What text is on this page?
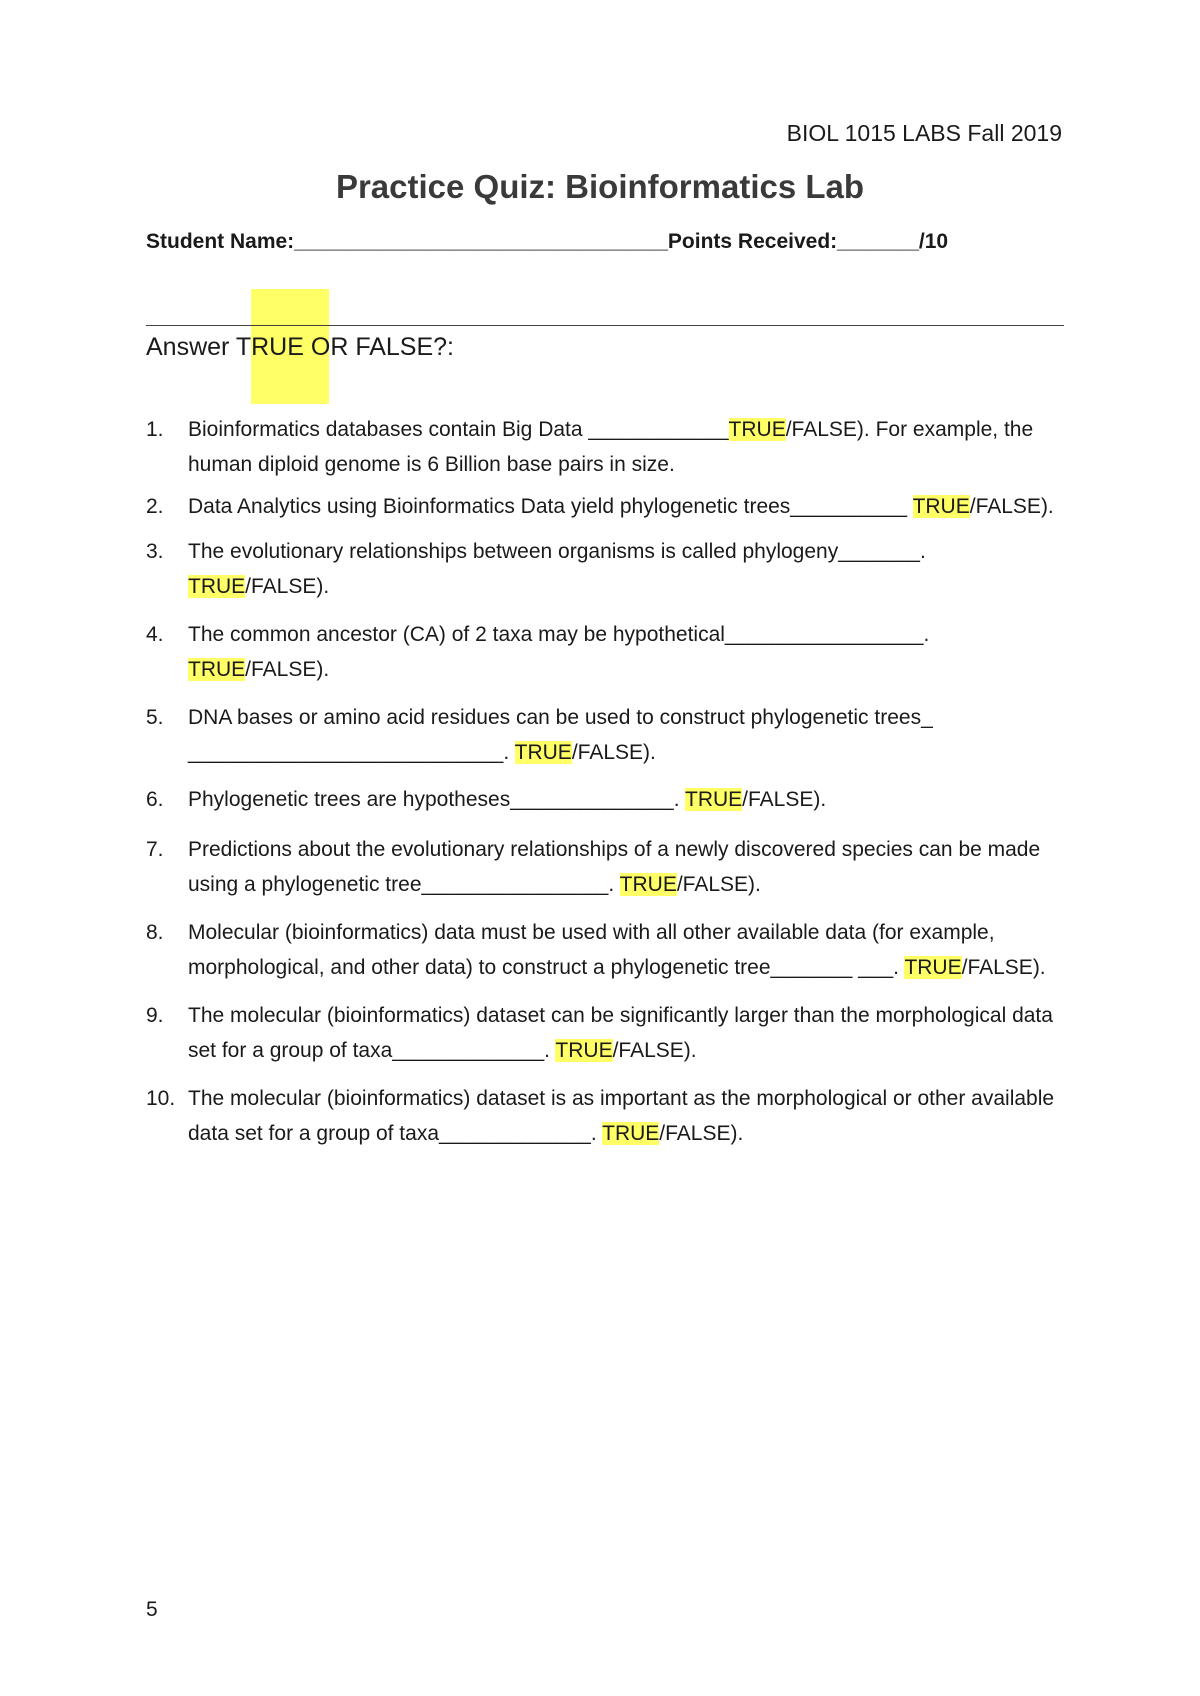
BIOL 1015 LABS Fall 2019
Practice Quiz: Bioinformatics Lab
Student Name:________________________________Points Received:_______/10
Answer TRUE OR FALSE?:
1. Bioinformatics databases contain Big Data ____________TRUE/FALSE). For example, the human diploid genome is 6 Billion base pairs in size.
2. Data Analytics using Bioinformatics Data yield phylogenetic trees__________ TRUE/FALSE).
3. The evolutionary relationships between organisms is called phylogeny_______. TRUE/FALSE).
4. The common ancestor (CA) of 2 taxa may be hypothetical_________________. TRUE/FALSE).
5. DNA bases or amino acid residues can be used to construct phylogenetic trees_ ___________________________. TRUE/FALSE).
6. Phylogenetic trees are hypotheses______________. TRUE/FALSE).
7. Predictions about the evolutionary relationships of a newly discovered species can be made using a phylogenetic tree________________. TRUE/FALSE).
8. Molecular (bioinformatics) data must be used with all other available data (for example, morphological, and other data) to construct a phylogenetic tree_______ ___. TRUE/FALSE).
9. The molecular (bioinformatics) dataset can be significantly larger than the morphological data set for a group of taxa_____________. TRUE/FALSE).
10. The molecular (bioinformatics) dataset is as important as the morphological or other available data set for a group of taxa_____________. TRUE/FALSE).
5
